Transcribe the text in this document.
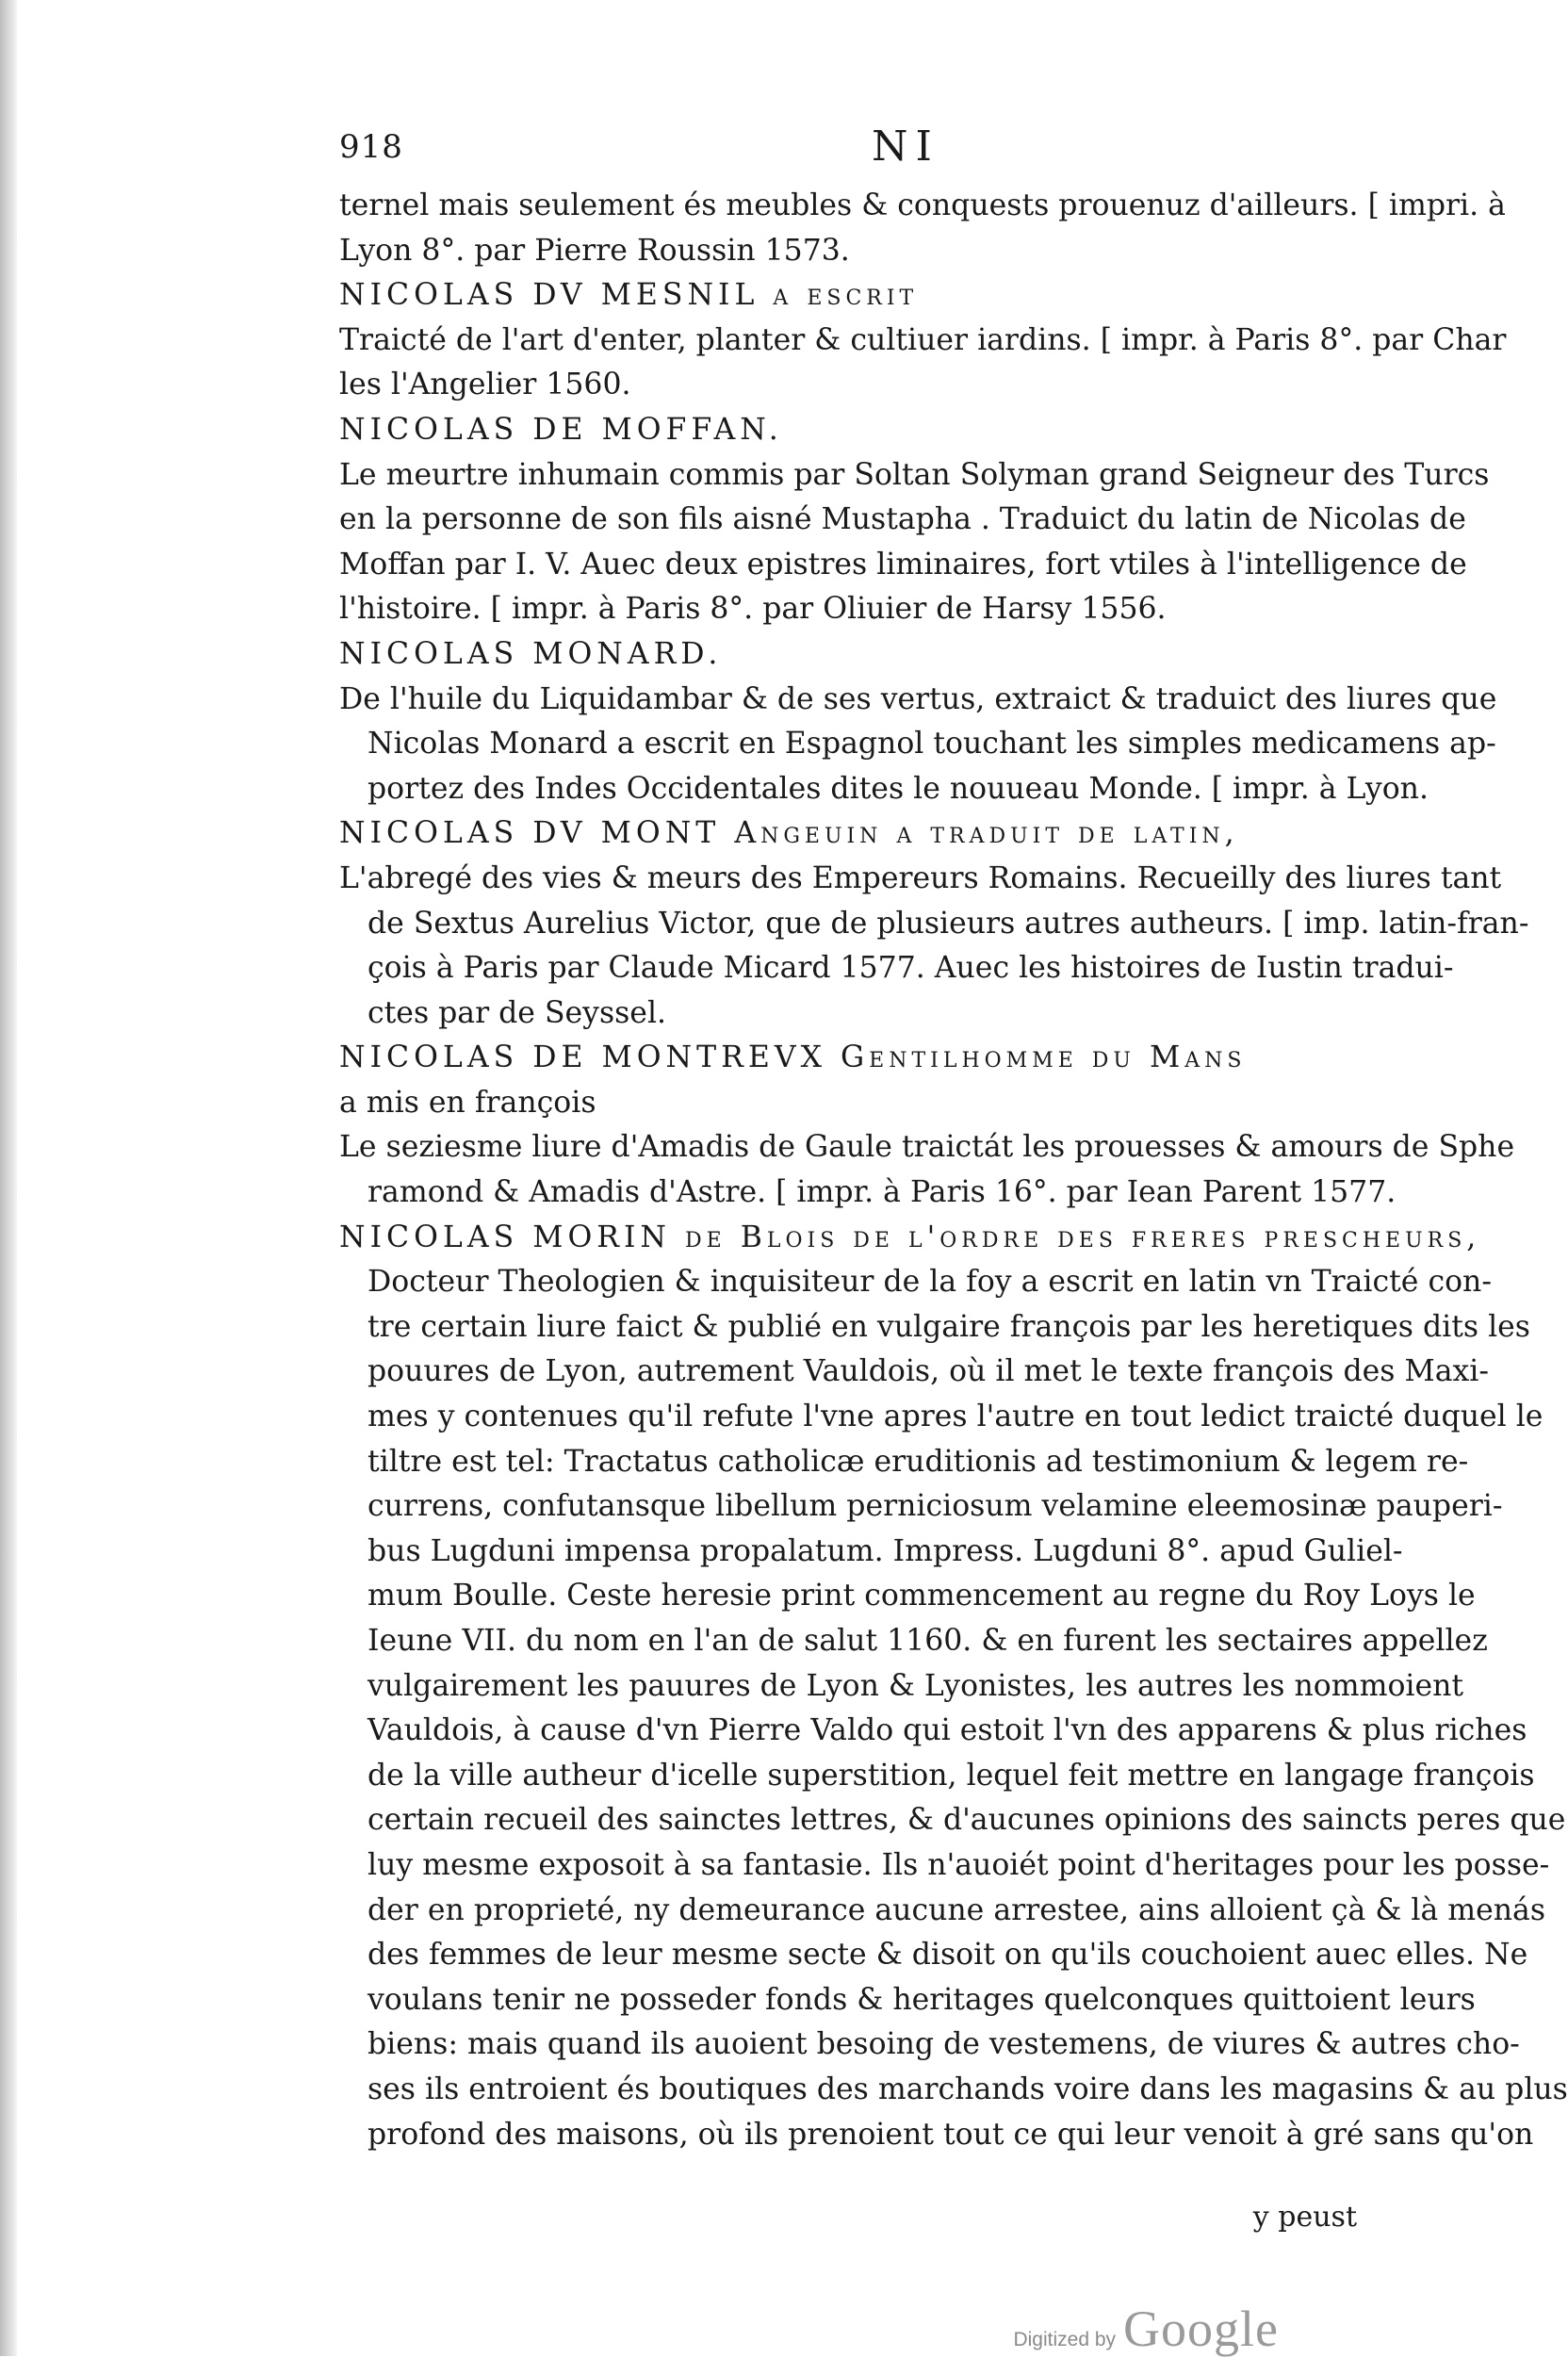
918	NI
ternel mais seulement és meubles & conquests prouenuz d'ailleurs. [ impri. à
Lyon 8°. par Pierre Roussin 1573.
NICOLAS DV MESNIL a escrit
Traicté de l'art d'enter, planter & cultiuer iardins. [ impr. à Paris 8°. par Char
les l'Angelier 1560.
NICOLAS DE MOFFAN.
Le meurtre inhumain commis par Soltan Solyman grand Seigneur des Turcs
en la personne de son fils aisné Mustapha . Traduict du latin de Nicolas de
Moffan par I. V. Auec deux epistres liminaires, fort vtiles à l'intelligence de
l'histoire. [ impr. à Paris 8°. par Oliuier de Harsy 1556.
NICOLAS MONARD.
De l'huile du Liquidambar & de ses vertus, extraict & traduict des liures que
Nicolas Monard a escrit en Espagnol touchant les simples medicamens ap-
portez des Indes Occidentales dites le nouueau Monde. [ impr. à Lyon.
NICOLAS DV MONT Angeuin a traduit de latin,
L'abregé des vies & meurs des Empereurs Romains. Recueilly des liures tant
de Sextus Aurelius Victor, que de plusieurs autres autheurs. [ imp. latin-fran-
çois à Paris par Claude Micard 1577. Auec les histoires de Iustin tradui-
ctes par de Seyssel.
NICOLAS DE MONTREVX Gentilhomme du Mans
a mis en françois
Le seziesme liure d'Amadis de Gaule traictát les prouesses & amours de Sphe
ramond & Amadis d'Astre. [ impr. à Paris 16°. par Iean Parent 1577.
NICOLAS MORIN de Blois de l'ordre des freres prescheurs,
Docteur Theologien & inquisiteur de la foy a escrit en latin vn Traicté con-
tre certain liure faict & publié en vulgaire françois par les heretiques dits les
pouures de Lyon, autrement Vauldois, où il met le texte françois des Maxi-
mes y contenues qu'il refute l'vne apres l'autre en tout ledict traicté duquel le
tiltre est tel: Tractatus catholicæ eruditionis ad testimonium & legem re-
currens, confutansque libellum perniciosum velamine eleemosinæ pauperi-
bus Lugduni impensa propalatum. Impress. Lugduni 8°. apud Guliel-
mum Boulle. Ceste heresie print commencement au regne du Roy Loys le
Ieune VII. du nom en l'an de salut 1160. & en furent les sectaires appellez
vulgairement les pauures de Lyon & Lyonistes, les autres les nommoient
Vauldois, à cause d'vn Pierre Valdo qui estoit l'vn des apparens & plus riches
de la ville autheur d'icelle superstition, lequel feit mettre en langage françois
certain recueil des sainctes lettres, & d'aucunes opinions des saincts peres que
luy mesme exposoit à sa fantasie. Ils n'auoiét point d'heritages pour les posse-
der en proprieté, ny demeurance aucune arrestee, ains alloient çà & là menás
des femmes de leur mesme secte & disoit on qu'ils couchoient auec elles. Ne
voulans tenir ne posseder fonds & heritages quelconques quittoient leurs
biens: mais quand ils auoient besoing de vestemens, de viures & autres cho-
ses ils entroient és boutiques des marchands voire dans les magasins & au plus
profond des maisons, où ils prenoient tout ce qui leur venoit à gré sans qu'on
y peust
Digitized by Google
